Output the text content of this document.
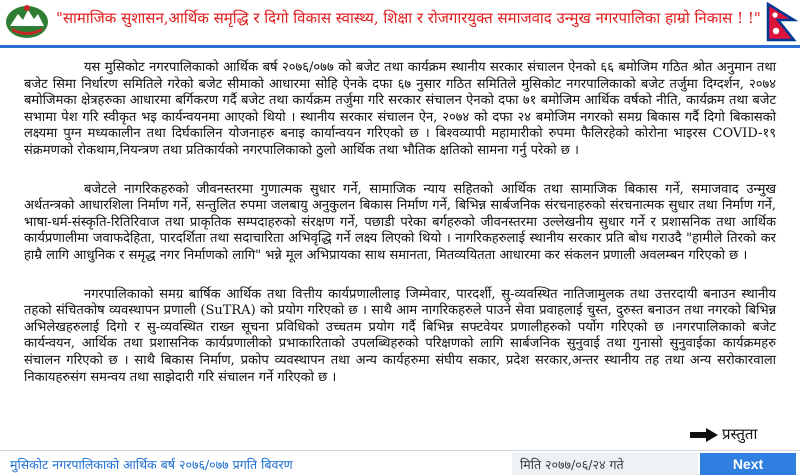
"सामाजिक सुशासन,आर्थिक समृद्धि र दिगो विकास स्वास्थ्य, शिक्षा र रोजगारयुक्त समाजवाद उन्मुख नगरपालिका हाम्रो निकास ! !"

यस मुसिकोट नगरपालिकाको आर्थिक बर्ष २०७६/०७७ को बजेट तथा कार्यक्रम स्थानीय सरकार संचालन ऐनको ६६ बमोजिम गठित श्रोत अनुमान तथा बजेट सिमा निर्धारण समितिले गरेको बजेट सीमाको आधारमा सोहि ऐनके दफा ६७ नुसार गठित समितिले मुसिकोट नगरपालिकाको बजेट तर्जुमा दिग्दर्शन, २०७४ बमोजिमका क्षेत्रहरुका आधारमा बर्गिकरण गर्दै बजेट तथा कार्यक्रम तर्जुमा गरि सरकार संचालन ऐनको दफा ७१ बमोजिम आर्थिक वर्षको नीति, कार्यक्रम तथा बजेट सभामा पेश गरि स्वीकृत भइ कार्यन्वयनमा आएको थियो । स्थानीय सरकार संचालन ऐन, २०७४ को दफा २४ बमोजिम नगरको समग्र बिकास गर्दै दिगो बिकासको लक्ष्यमा पुग्न मध्यकालीन तथा दिर्घकालिन योजनाहरु बनाइ कार्यान्वयन गरिएको छ । बिश्वव्यापी महामारीको रुपमा फैलिरहेको कोरोना भाइरस COVID-१९ संक्रमणको रोकथाम,नियन्त्रण तथा प्रतिकार्यको नगरपालिकाको ठुलो आर्थिक तथा भौतिक क्षतिको सामना गर्नु परेको छ ।

बजेटले नागरिकहरुको जीवनस्तरमा गुणात्मक सुधार गर्ने, सामाजिक न्याय सहितको आर्थिक तथा सामाजिक बिकास गर्ने, समाजवाद उन्मुख अर्थतन्त्रको आधारशिला निर्माण गर्ने, सन्तुलित रुपमा जलबायु अनुकुलन बिकास निर्माण गर्ने, बिभिन्न सार्बजनिक संरचनाहरुको संरचनात्मक सुधार तथा निर्माण गर्ने, भाषा-धर्म-संस्कृति-रितिरिवाज तथा प्राकृतिक सम्पदाहरुको संरक्षण गर्ने, पछाडी परेका बर्गहरुको जीवनस्तरमा उल्लेखनीय सुधार गर्ने र प्रशासनिक तथा आर्थिक कार्यप्रणालीमा जवाफदेहिता, पारदर्शिता तथा सदाचारिता अभिवृद्धि गर्ने लक्ष्य लिएको थियो । नागरिकहरुलाई स्थानीय सरकार प्रति बोध गराउदै "हामीले तिरको कर हाम्रै लागि आधुनिक र समृद्ध नगर निर्माणको लागि" भन्ने मूल अभिप्रायका साथ समानता, मितव्ययितता आधारमा कर संकलन प्रणाली अवलम्बन गरिएको छ ।

नगरपालिकाको समग्र बार्षिक आर्थिक तथा वित्तीय कार्यप्रणालीलाइ जिम्मेवार, पारदर्शी, सु-व्यवस्थित नातिजामुलक तथा उत्तरदायी बनाउन स्थानीय तहको संचितकोष व्यवस्थापन प्रणाली (SuTRA) को प्रयोग गरिएको छ । साथै आम नागरिकहरुले पाउने सेवा प्रवाहलाई चुस्त, दुरुस्त बनाउन तथा नगरको बिभिन्न अभिलेखहरुलाई दिगो र सु-व्यवस्थित राख्न सूचना प्रविधिको उच्चतम प्रयोग गर्दै बिभिन्न सफ्टवेयर प्रणालीहरुको पर्योग गरिएको छ ।नगरपालिकाको बजेट कार्यन्वयन, आर्थिक तथा प्रशासनिक कार्यप्रणालीको प्रभाकारिताको उपलब्धिहरुको परिक्षणको लागि सार्बजनिक सुनुवाई तथा गुनासो सुनुवाईका कार्यक्रमहरु संचालन गरिएको छ । साथै बिकास निर्माण, प्रकोप व्यवस्थापन तथा अन्य कार्यहरुमा संघीय सकार, प्रदेश सरकार,अन्तर स्थानीय तह तथा अन्य सरोकारवाला निकायहरुसंग समन्वय तथा साझेदारी गरि संचालन गर्ने गरिएको छ ।

प्रस्तुता
मुसिकोट नगरपालिकाको आर्थिक बर्ष २०७६/०७७ प्रगति बिवरण	मिति २०७७/०६/२४ गते	Next
